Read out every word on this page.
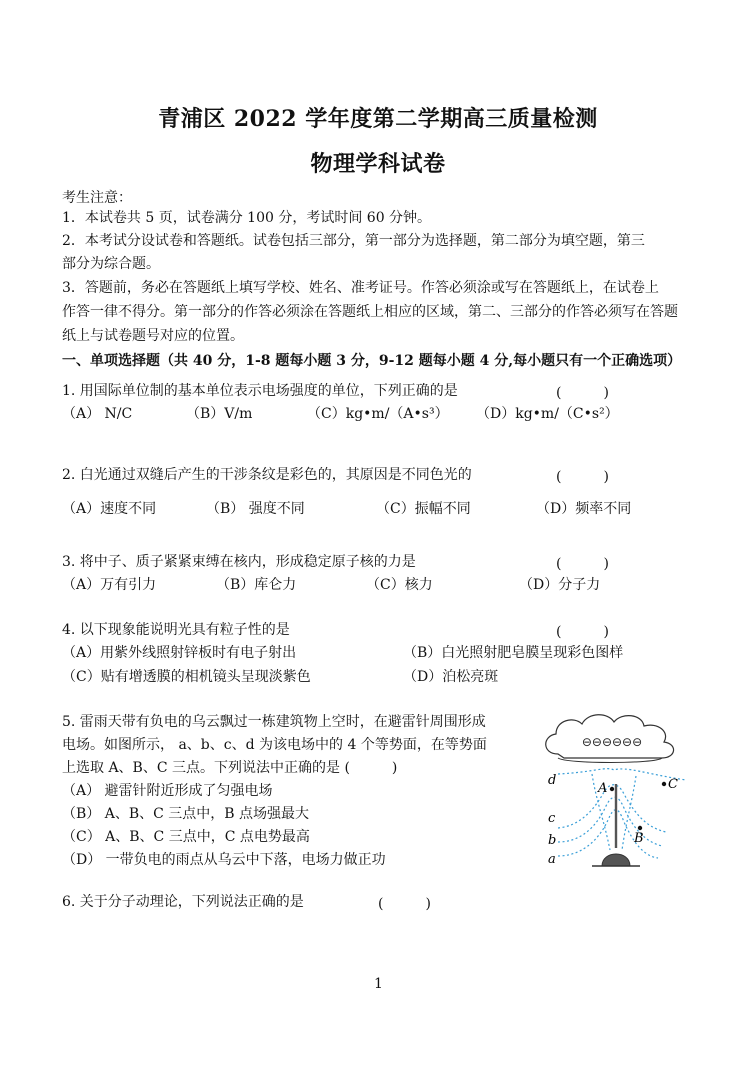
青浦区 2022 学年度第二学期高三质量检测
物理学科试卷
考生注意：
1．本试卷共 5 页，试卷满分 100 分，考试时间 60 分钟。
2．本考试分设试卷和答题纸。试卷包括三部分，第一部分为选择题，第二部分为填空题，第三
部分为综合题。
3．答题前，务必在答题纸上填写学校、姓名、准考证号。作答必须涂或写在答题纸上，在试卷上
作答一律不得分。第一部分的作答必须涂在答题纸上相应的区域，第二、三部分的作答必须写在答题
纸上与试卷题号对应的位置。
一、单项选择题（共 40 分，1-8 题每小题 3 分，9-12 题每小题 4 分,每小题只有一个正确选项）
1. 用国际单位制的基本单位表示电场强度的单位，下列正确的是	(　　　)
（A） N/C	（B）V/m	（C）kg•m/（A•s³） （D）kg•m/（C•s²）
2. 白光通过双缝后产生的干涉条纹是彩色的，其原因是不同色光的	(　　　)
（A）速度不同	（B） 强度不同	（C）振幅不同	（D）频率不同
3. 将中子、质子紧紧束缚在核内，形成稳定原子核的力是	(　　　)
（A）万有引力	（B）库仑力	（C）核力	（D）分子力
4. 以下现象能说明光具有粒子性的是	(　　　)
（A）用紫外线照射锌板时有电子射出	（B）白光照射肥皂膜呈现彩色图样
（C）贴有增透膜的相机镜头呈现淡紫色	（D）泊松亮斑
5. 雷雨天带有负电的乌云飘过一栋建筑物上空时，在避雷针周围形成
电场。如图所示， a、b、c、d 为该电场中的 4 个等势面，在等势面
上选取 A、B、C 三点。下列说法中正确的是 (　　　)
（A） 避雷针附近形成了匀强电场
（B） A、B、C 三点中，B 点场强最大
（C） A、B、C 三点中，C 点电势最高
（D） 一带负电的雨点从乌云中下落，电场力做正功
⊖⊖⊖⊖⊖⊖
A
B
C
d
c
b
a
6. 关于分子动理论，下列说法正确的是	(　　　)
1
